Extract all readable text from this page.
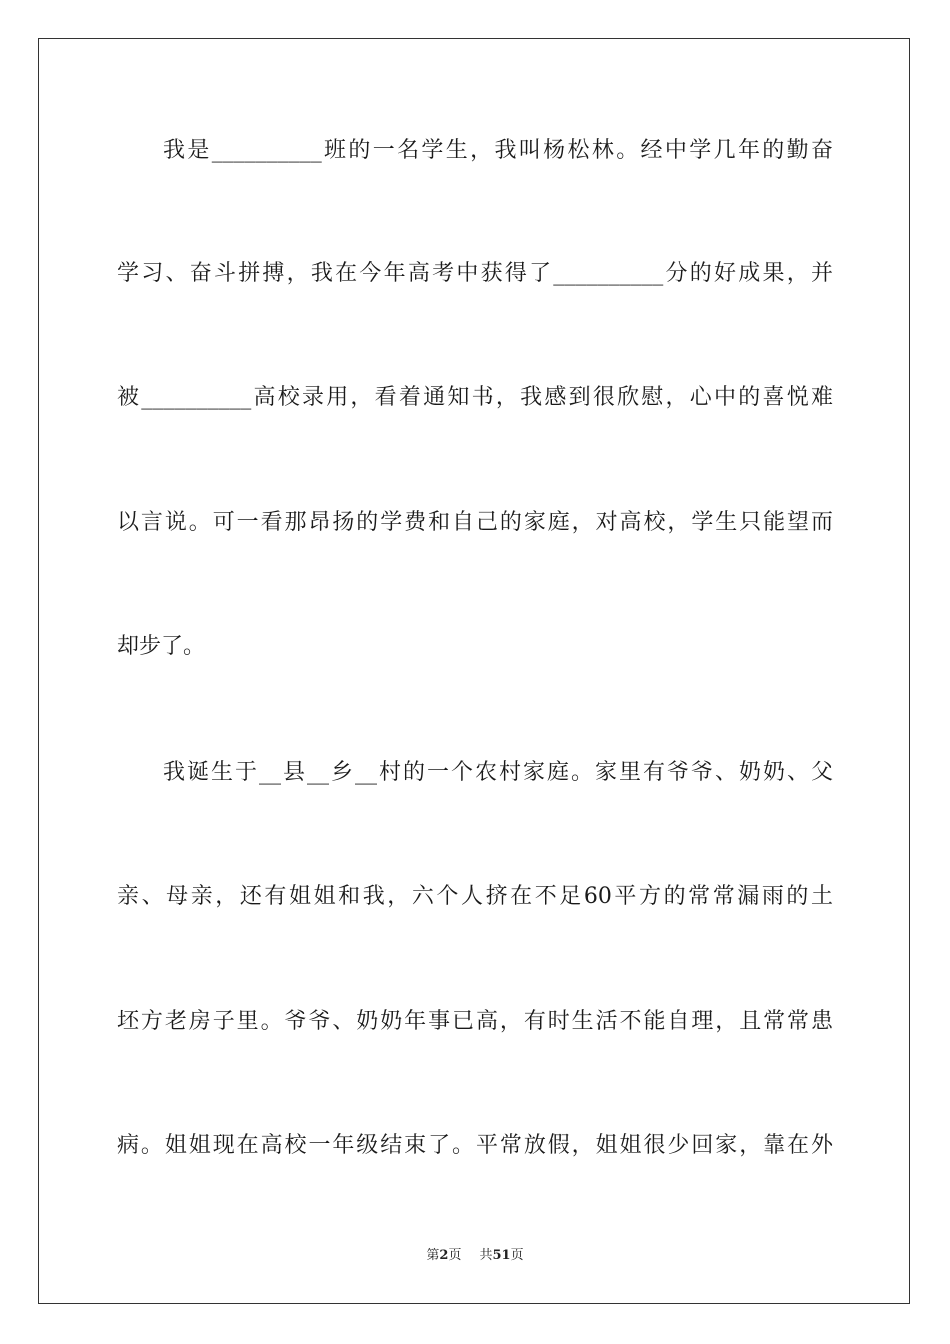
我是__________班的一名学生，我叫杨松林。经中学几年的勤奋
学习、奋斗拼搏，我在今年高考中获得了__________分的好成果，并
被__________高校录用，看着通知书，我感到很欣慰，心中的喜悦难
以言说。可一看那昂扬的学费和自己的家庭，对高校，学生只能望而
却步了。
我诞生于__县__乡__村的一个农村家庭。家里有爷爷、奶奶、父
亲、母亲，还有姐姐和我，六个人挤在不足60平方的常常漏雨的土
坯方老房子里。爷爷、奶奶年事已高，有时生活不能自理，且常常患
病。姐姐现在高校一年级结束了。平常放假，姐姐很少回家，靠在外
第2页 共51页
